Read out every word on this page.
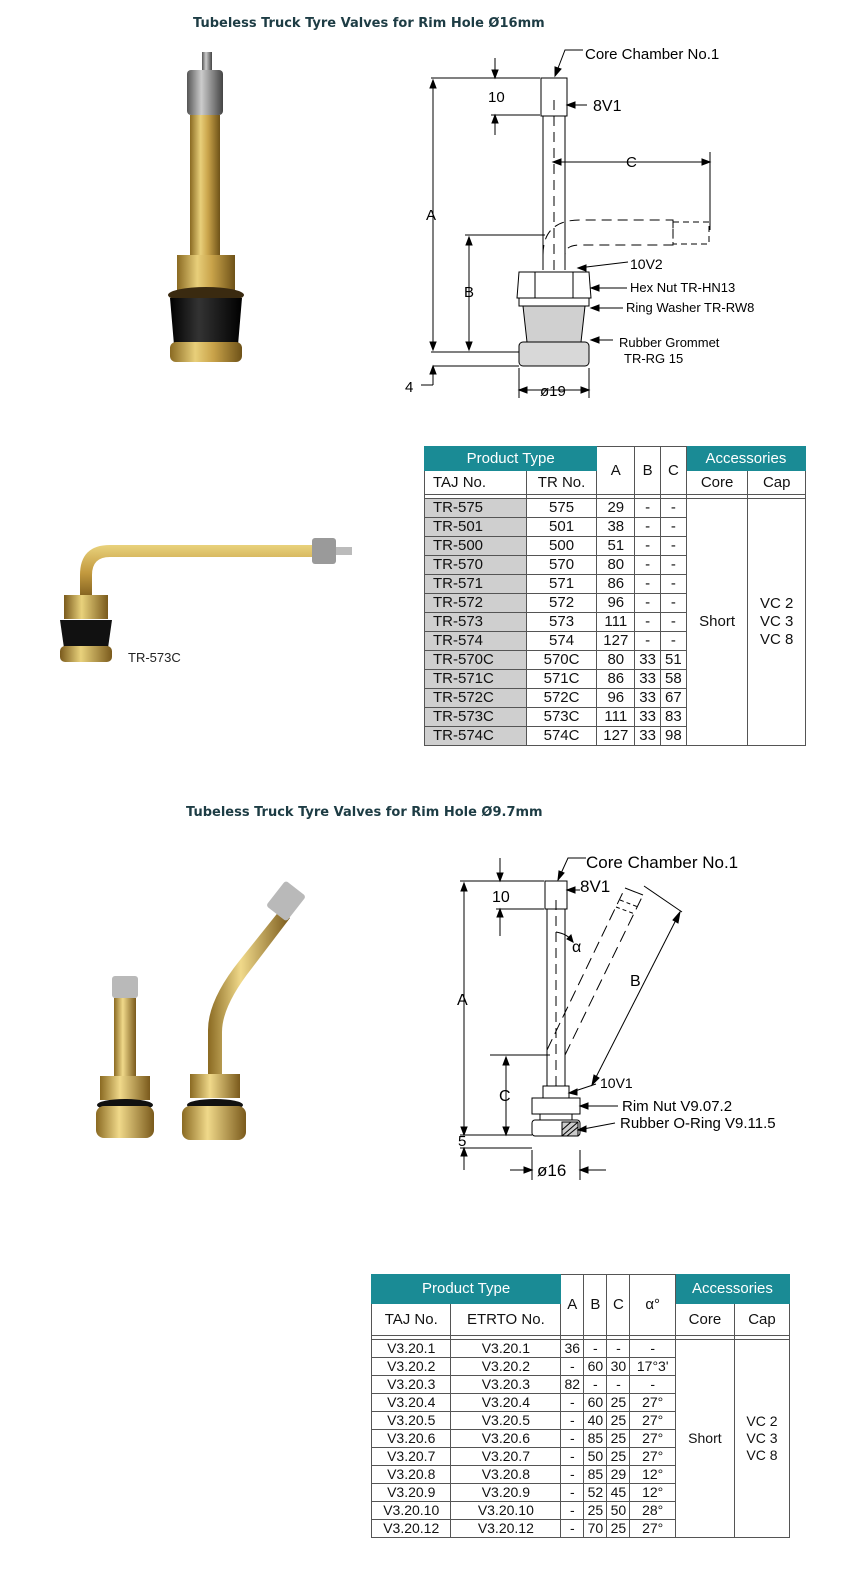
Tubeless Truck Tyre Valves for Rim Hole Ø16mm
Core Chamber No.1
10
8V1
C
A
B
10V2
Hex Nut TR-HN13
Ring Washer TR-RW8
Rubber Grommet
TR-RG 15
4	ø19
TR-573C
Product Type		A	B	C	Accessories	
TAJ No.	TR No.				Core	Cap

TR-575	575	29	-	-	Short	VC 2
VC 3
VC 8

TR-501	501	38	-	-		
TR-500	500	51	-	-		
TR-570	570	80	-	-		
TR-571	571	86	-	-		
TR-572	572	96	-	-		
TR-573	573	111	-	-		
TR-574	574	127	-	-		
TR-570C	570C	80	33	51		
TR-571C	571C	86	33	58		
TR-572C	572C	96	33	67		
TR-573C	573C	111	33	83		
TR-574C	574C	127	33	98		
Tubeless Truck Tyre Valves for Rim Hole Ø9.7mm
Core Chamber No.1
8V1
10
α
B
A
C
10V1
Rim Nut V9.07.2
Rubber O-Ring V9.11.5
5
ø16
Product Type		A	B	C	α°	Accessories	
TAJ No.	ETRTO No.					Core	Cap

V3.20.1	V3.20.1	36	-	-	-	Short	VC 2
VC 3
VC 8

V3.20.2	V3.20.2	-	60	30	17°3'		
V3.20.3	V3.20.3	82	-	-	-		
V3.20.4	V3.20.4	-	60	25	27°		
V3.20.5	V3.20.5	-	40	25	27°		
V3.20.6	V3.20.6	-	85	25	27°		
V3.20.7	V3.20.7	-	50	25	27°		
V3.20.8	V3.20.8	-	85	29	12°		
V3.20.9	V3.20.9	-	52	45	12°		
V3.20.10	V3.20.10	-	25	50	28°		
V3.20.12	V3.20.12	-	70	25	27°		
